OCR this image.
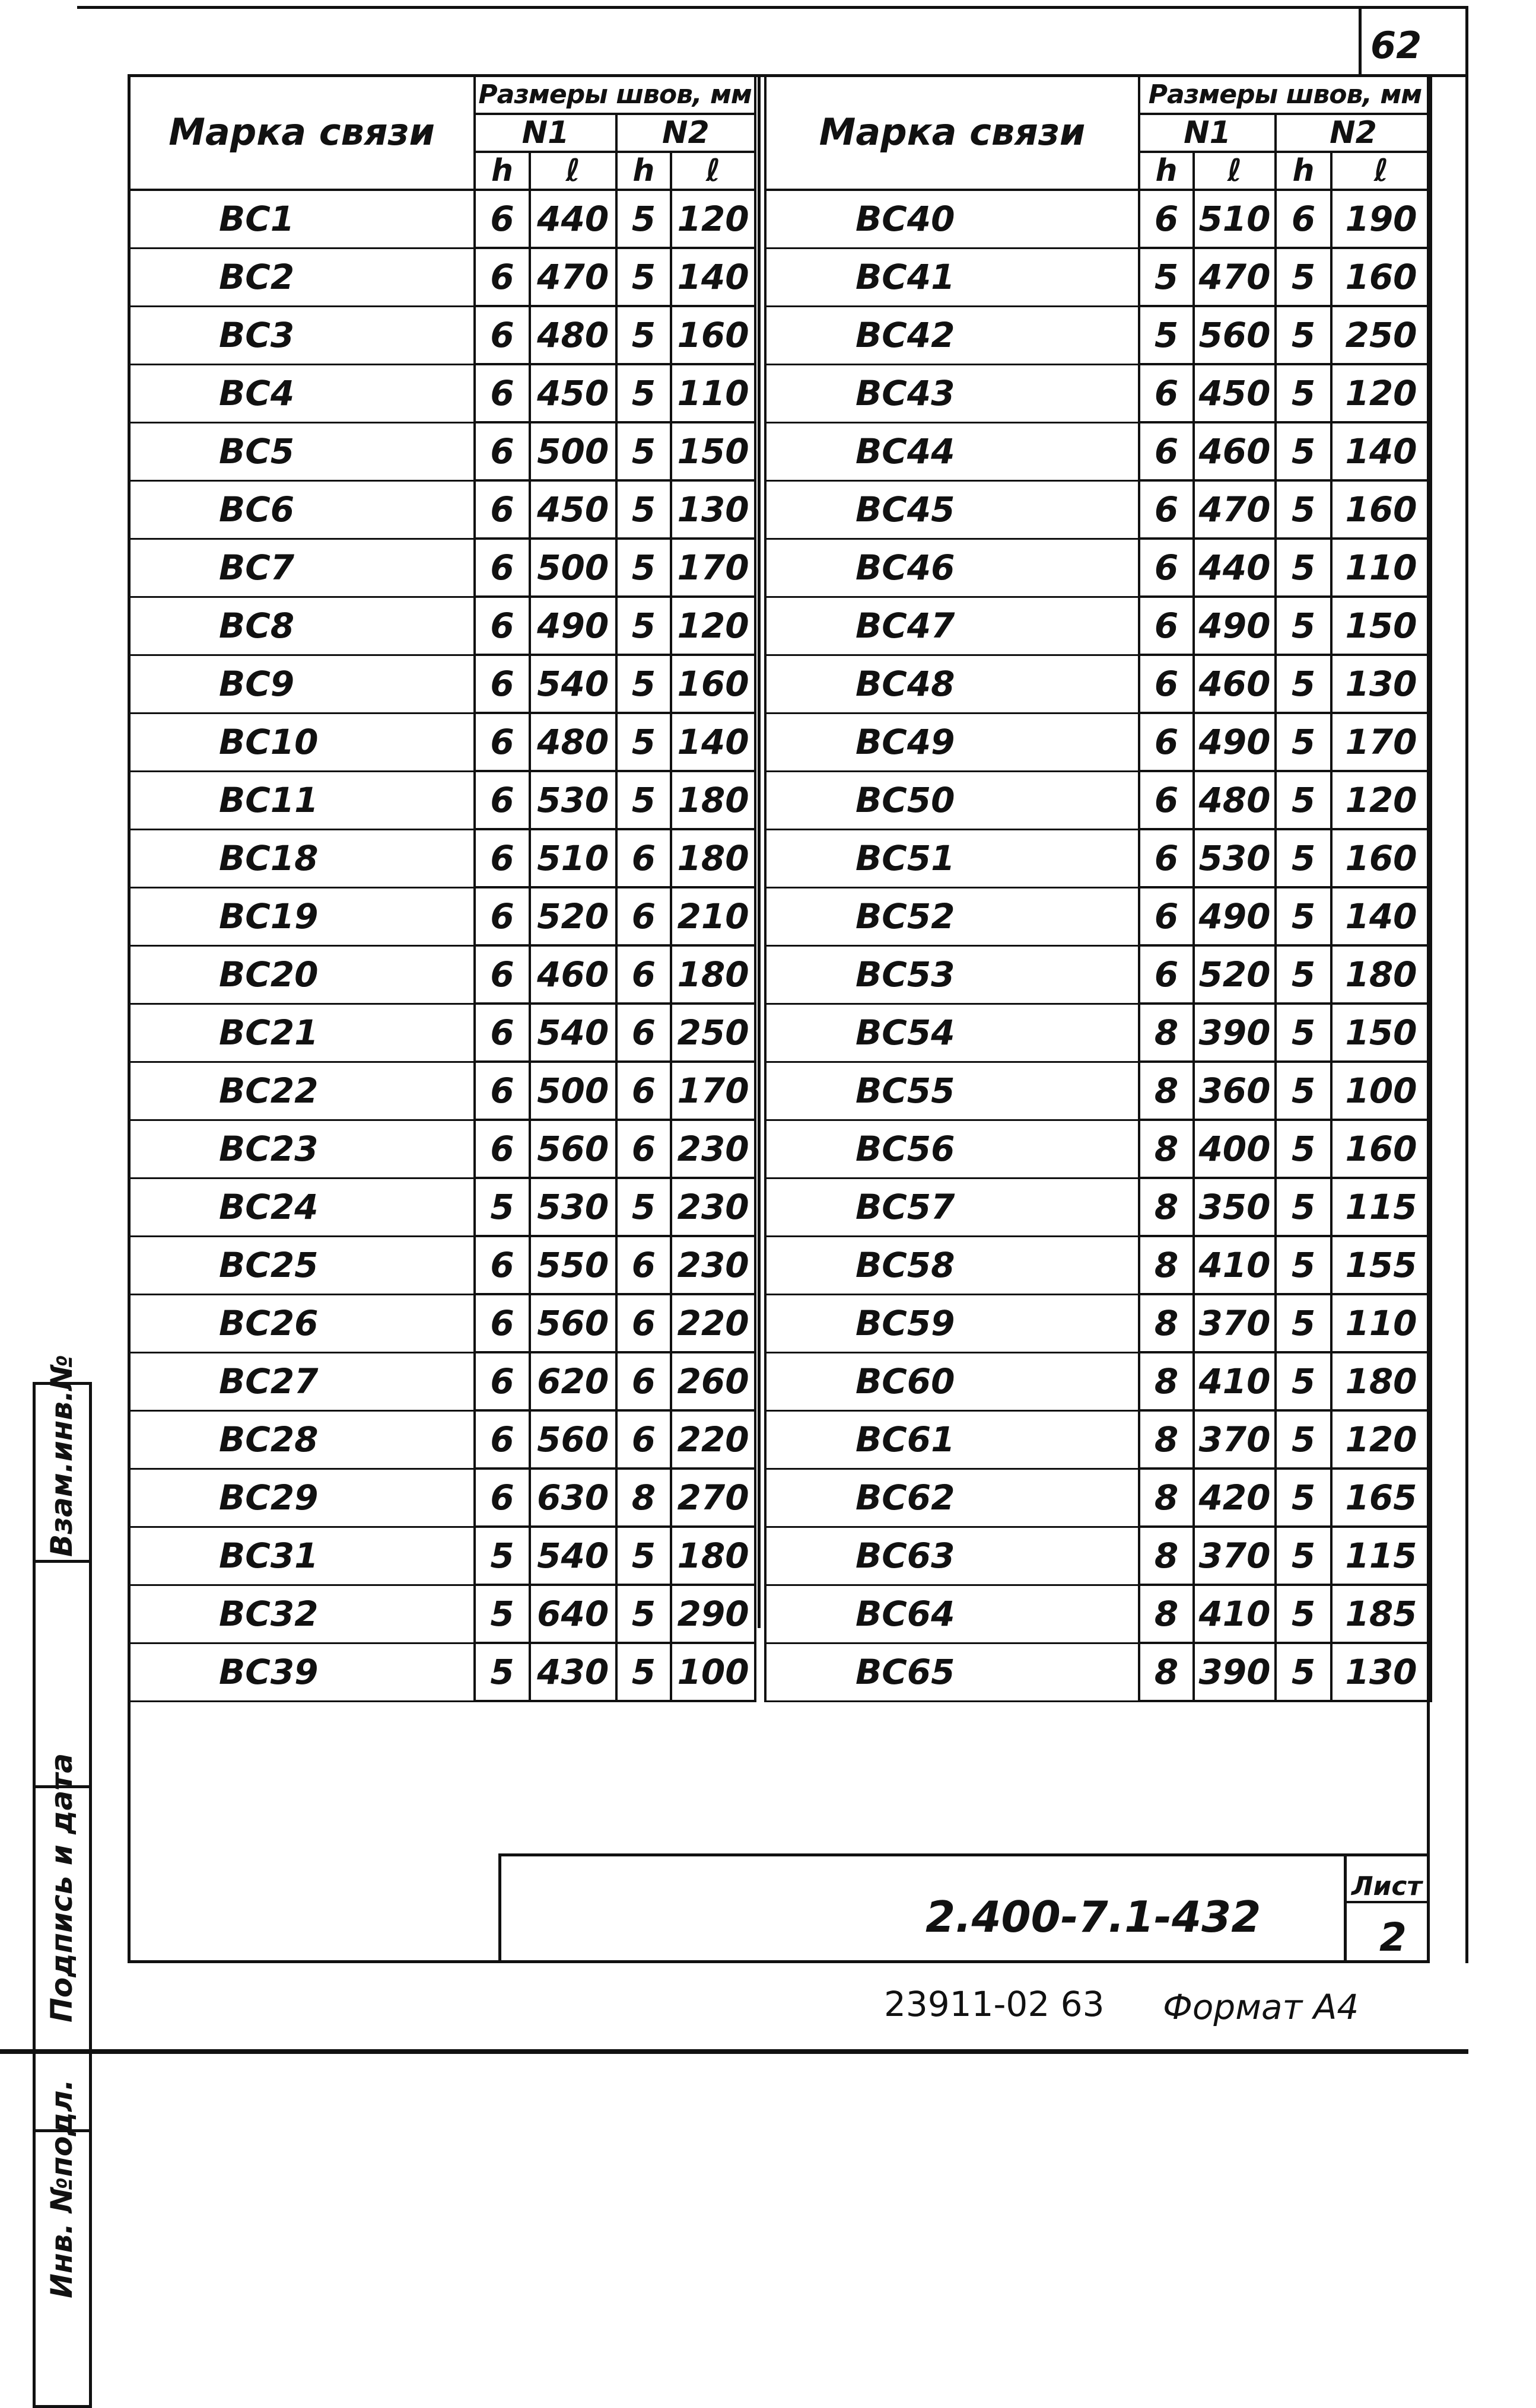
62
Марка связи	Размеры швов, мм			
	N1		N2	
	h	ℓ	h	ℓ
ВС1	6	440	5	120
ВС2	6	470	5	140
ВС3	6	480	5	160
ВС4	6	450	5	110
ВС5	6	500	5	150
ВС6	6	450	5	130
ВС7	6	500	5	170
ВС8	6	490	5	120
ВС9	6	540	5	160
ВС10	6	480	5	140
ВС11	6	530	5	180
ВС18	6	510	6	180
ВС19	6	520	6	210
ВС20	6	460	6	180
ВС21	6	540	6	250
ВС22	6	500	6	170
ВС23	6	560	6	230
ВС24	5	530	5	230
ВС25	6	550	6	230
ВС26	6	560	6	220
ВС27	6	620	6	260
ВС28	6	560	6	220
ВС29	6	630	8	270
ВС31	5	540	5	180
ВС32	5	640	5	290
ВС39	5	430	5	100
Марка связи	Размеры швов, мм			
	N1		N2	
	h	ℓ	h	ℓ
ВС40	6	510	6	190
ВС41	5	470	5	160
ВС42	5	560	5	250
ВС43	6	450	5	120
ВС44	6	460	5	140
ВС45	6	470	5	160
ВС46	6	440	5	110
ВС47	6	490	5	150
ВС48	6	460	5	130
ВС49	6	490	5	170
ВС50	6	480	5	120
ВС51	6	530	5	160
ВС52	6	490	5	140
ВС53	6	520	5	180
ВС54	8	390	5	150
ВС55	8	360	5	100
ВС56	8	400	5	160
ВС57	8	350	5	115
ВС58	8	410	5	155
ВС59	8	370	5	110
ВС60	8	410	5	180
ВС61	8	370	5	120
ВС62	8	420	5	165
ВС63	8	370	5	115
ВС64	8	410	5	185
ВС65	8	390	5	130
2.400-7.1-432
Лист
2
Взам.инв.№
Подпись и дата
Инв. №подл.
23911-02 63 Формат А4
